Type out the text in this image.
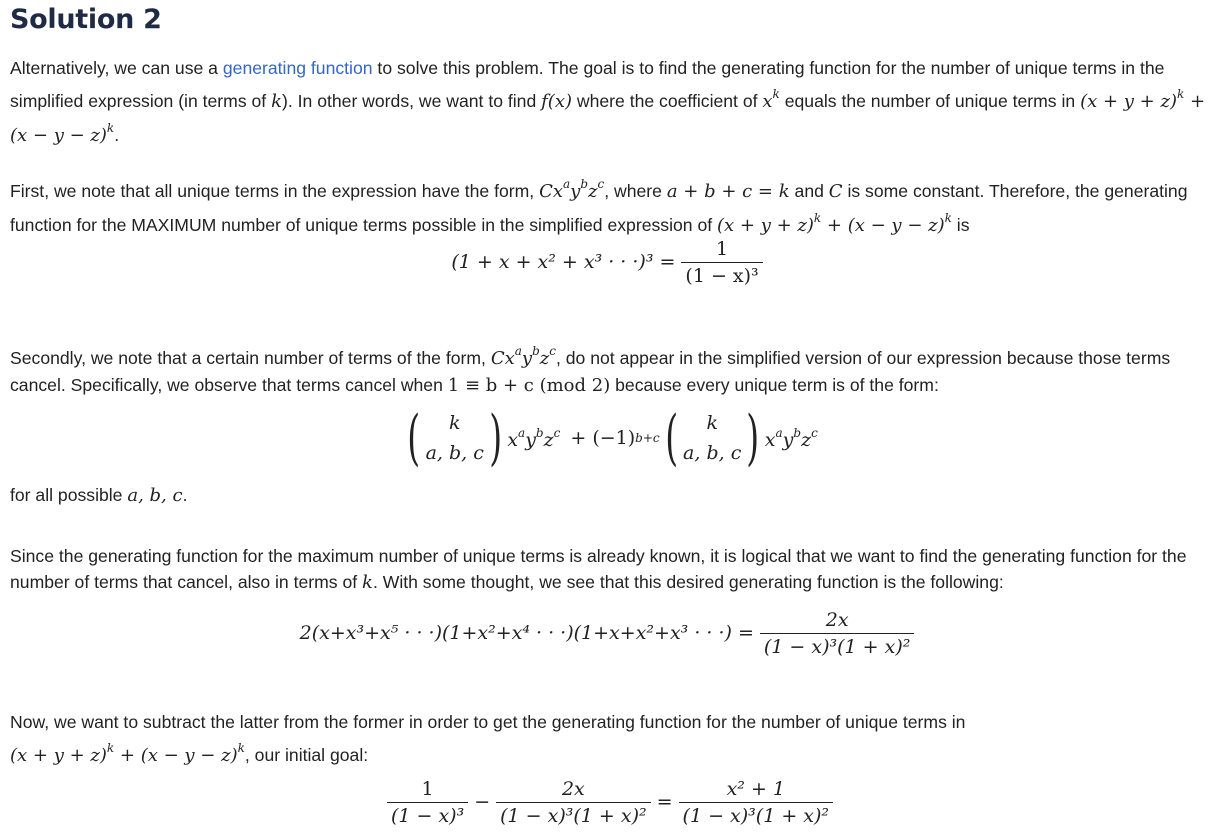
Solution 2

Alternatively, we can use a generating function to solve this problem. The goal is to find the generating function for the number of unique terms in the simplified expression (in terms of k). In other words, we want to find f(x) where the coefficient of $x^k$ equals the number of unique terms in $(x + y + z)^k + (x - y - z)^k$.

First, we note that all unique terms in the expression have the form, $Cx^ay^bz^c$, where a + b + c = k and C is some constant. Therefore, the generating function for the MAXIMUM number of unique terms possible in the simplified expression of $(x + y + z)^k + (x - y - z)^k$ is

(1 + x + x² + x³ · · $\cdot)^3 = \frac{1}{\text{(1 − x)³}}$

Secondly, we note that a certain number of terms of the form, $Cx^ay^bz^c$, do not appear in the simplified version of our expression because those terms cancel. Specifically, we observe that terms cancel when 1 ≡ b + c (mod 2) because every unique term is of the form:

( k
a, b, c ) $x^ay^bz^c + (-1)$ b+c ( k
a, b, c ) $x^ay^bz^c$

for all possible a, b, c.

Since the generating function for the maximum number of unique terms is already known, it is logical that we want to find the generating function for the number of terms that cancel, also in terms of k. With some thought, we see that this desired generating function is the following:

2(x+x³+x⁵ · · ·)(1+x²+x⁴ · · ·)(1+x+x²+x³ · · ·) = $\frac{2x}{\text{(1 − x)³(1 + x)²}}$

Now, we want to subtract the latter from the former in order to get the generating function for the number of unique terms in
$(x + y + z)^k + (x - y - z)^k$, our initial goal:

$\frac{1}{\text{(1 − x)³}} - \frac{2x}{\text{(1 − x)³(1 + x)²}} = \frac{\text{x² + 1}}{\text{(1 − x)³(1 + x)²}}$
